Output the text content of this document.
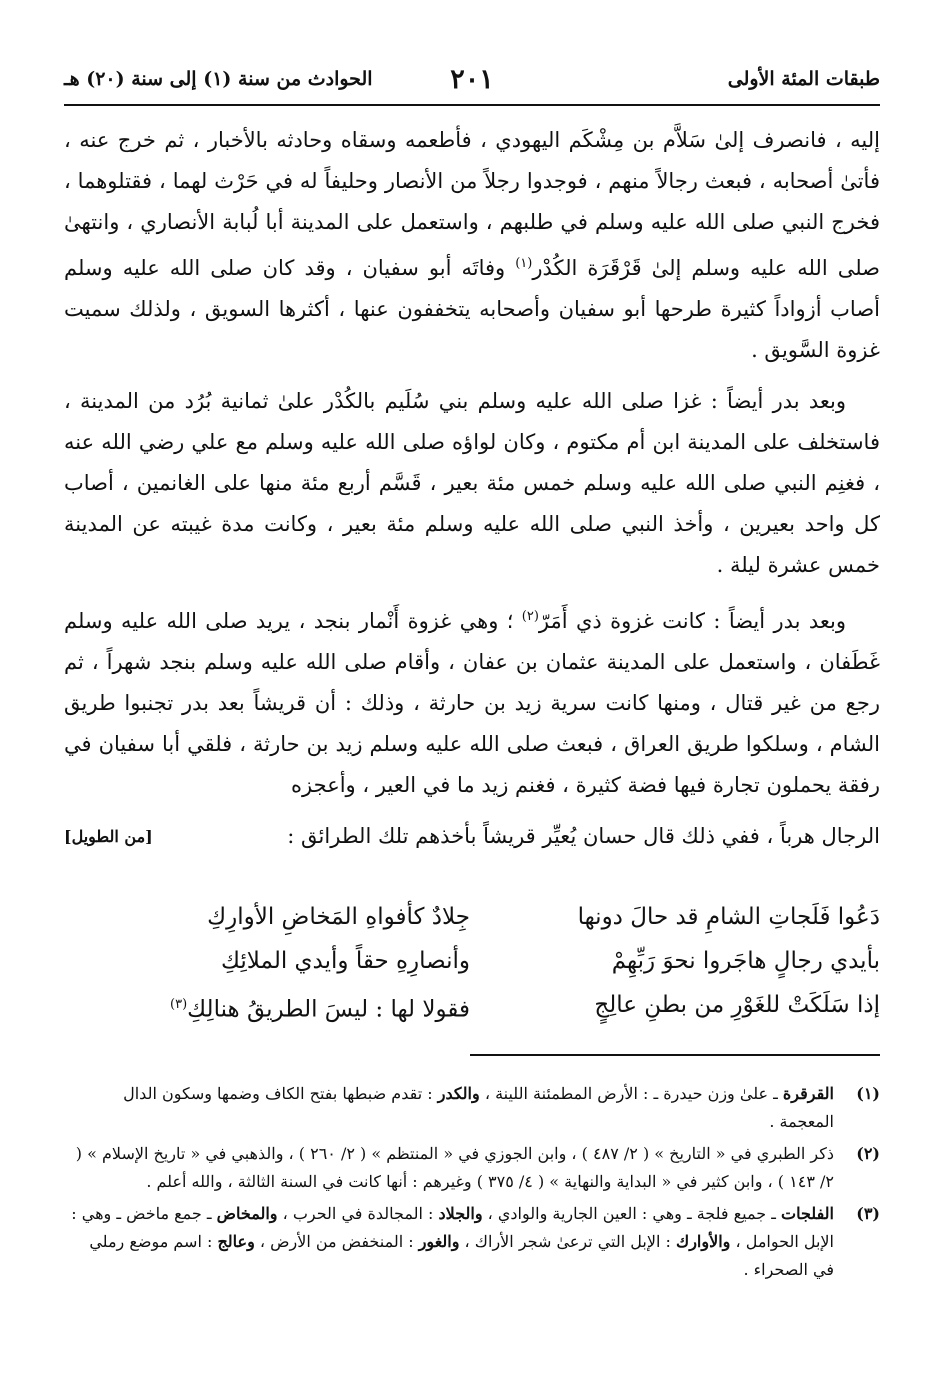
طبقات المئة الأولى
٢٠١
الحوادث من سنة (١) إلى سنة (٢٠) هـ

إليه ، فانصرف إلىٰ سَلاَّم بن مِشْكَم اليهودي ، فأطعمه وسقاه وحادثه بالأخبار ، ثم خرج عنه ، فأتىٰ أصحابه ، فبعث رجالاً منهم ، فوجدوا رجلاً من الأنصار وحليفاً له في حَرْث لهما ، فقتلوهما ، فخرج النبي صلى الله عليه وسلم في طلبهم ، واستعمل على المدينة أبا لُبابة الأنصاري ، وانتهىٰ صلى الله عليه وسلم إلىٰ قَرْقَرَة الكُدْر$^{(١)}$ وفاتَه أبو سفيان ، وقد كان صلى الله عليه وسلم أصاب أزواداً كثيرة طرحها أبو سفيان وأصحابه يتخففون عنها ، أكثرها السويق ، ولذلك سميت غزوة السَّويق .

وبعد بدر أيضاً : غزا صلى الله عليه وسلم بني سُلَيم بالكُدْر علىٰ ثمانية بُرُد من المدينة ، فاستخلف على المدينة ابن أم مكتوم ، وكان لواؤه صلى الله عليه وسلم مع علي رضي الله عنه ، فغنِم النبي صلى الله عليه وسلم خمس مئة بعير ، قَسَّم أربع مئة منها على الغانمين ، أصاب كل واحد بعيرين ، وأخذ النبي صلى الله عليه وسلم مئة بعير ، وكانت مدة غيبته عن المدينة خمس عشرة ليلة .

وبعد بدر أيضاً : كانت غزوة ذي أَمَرّ$^{(٢)}$ ؛ وهي غزوة أَنْمار بنجد ، يريد صلى الله عليه وسلم غَطَفان ، واستعمل على المدينة عثمان بن عفان ، وأقام صلى الله عليه وسلم بنجد شهراً ، ثم رجع من غير قتال ، ومنها كانت سرية زيد بن حارثة ، وذلك : أن قريشاً بعد بدر تجنبوا طريق الشام ، وسلكوا طريق العراق ، فبعث صلى الله عليه وسلم زيد بن حارثة ، فلقي أبا سفيان في رفقة يحملون تجارة فيها فضة كثيرة ، فغنم زيد ما في العير ، وأعجزه

الرجال هرباً ، ففي ذلك قال حسان يُعيِّر قريشاً بأخذهم تلك الطرائق :
[من الطويل]
دَعُوا فَلَجاتِ الشامِ قد حالَ دونها
جِلادٌ كأفواهِ المَخاضِ الأوارِكِ
بأيدي رجالٍ هاجَروا نحوَ رَبِّهِمْ
وأنصارِهِ حقاً وأيدي الملائِكِ
إذا سَلَكَتْ للغَوْرِ من بطنِ عالِجٍ
فقولا لها : ليسَ الطريقُ هنالِكِ$^{(٣)}$
(١)
القرقرة ـ علىٰ وزن حيدرة ـ : الأرض المطمئنة اللينة ، والكدر : تقدم ضبطها بفتح الكاف وضمها وسكون الدال المعجمة .
(٢)
ذكر الطبري في « التاريخ » ( ٢/ ٤٨٧ ) ، وابن الجوزي في « المنتظم » ( ٢/ ٢٦٠ ) ، والذهبي في « تاريخ الإسلام » ( ٢/ ١٤٣ ) ، وابن كثير في « البداية والنهاية » ( ٤/ ٣٧٥ ) وغيرهم : أنها كانت في السنة الثالثة ، والله أعلم .
(٣)
الفلجات ـ جميع فلجة ـ وهي : العين الجارية والوادي ، والجلاد : المجالدة في الحرب ، والمخاض ـ جمع ماخض ـ وهي : الإبل الحوامل ، والأوارك : الإبل التي ترعىٰ شجر الأراك ، والغور : المنخفض من الأرض ، وعالج : اسم موضع رملي في الصحراء .
